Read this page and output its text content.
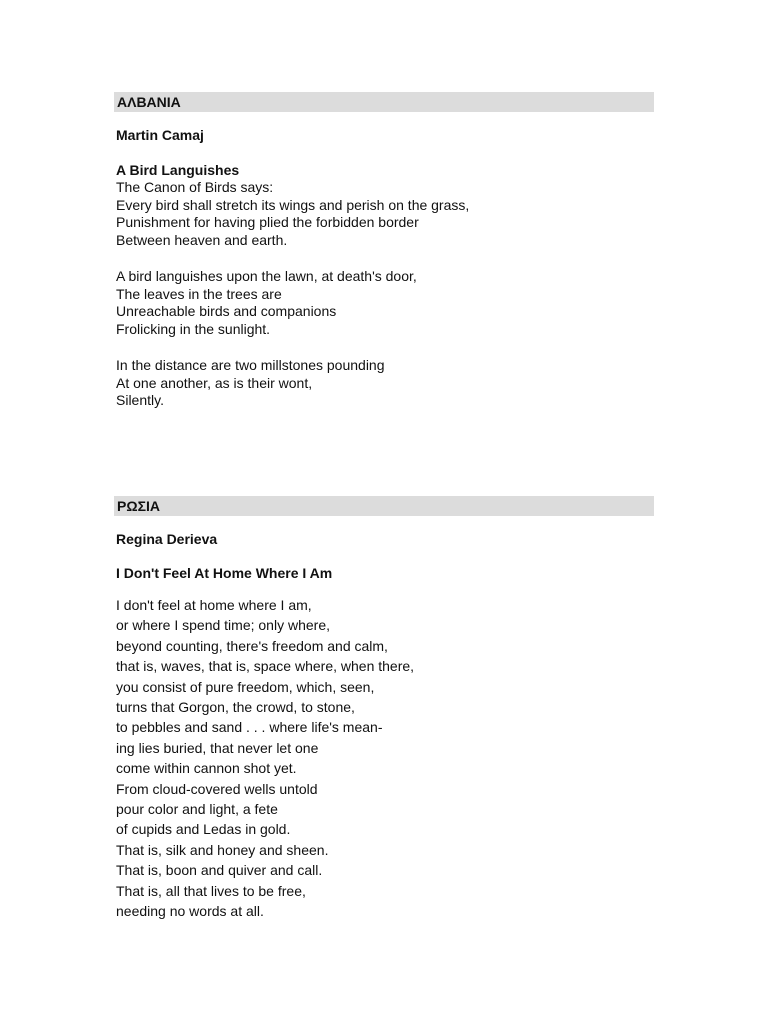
ΑΛΒΑΝΙΑ
Martin Camaj
A Bird Languishes
The Canon of Birds says:
Every bird shall stretch its wings and perish on the grass,
Punishment for having plied the forbidden border
Between heaven and earth.
A bird languishes upon the lawn, at death's door,
The leaves in the trees are
Unreachable birds and companions
Frolicking in the sunlight.
In the distance are two millstones pounding
At one another, as is their wont,
Silently.
ΡΩΣΙΑ
Regina Derieva
I Don't Feel At Home Where I Am
I don't feel at home where I am,
or where I spend time; only where,
beyond counting, there's freedom and calm,
that is, waves, that is, space where, when there,
you consist of pure freedom, which, seen,
turns that Gorgon, the crowd, to stone,
to pebbles and sand . . . where life's mean-
ing lies buried, that never let one
come within cannon shot yet.
From cloud-covered wells untold
pour color and light, a fete
of cupids and Ledas in gold.
That is, silk and honey and sheen.
That is, boon and quiver and call.
That is, all that lives to be free,
needing no words at all.
